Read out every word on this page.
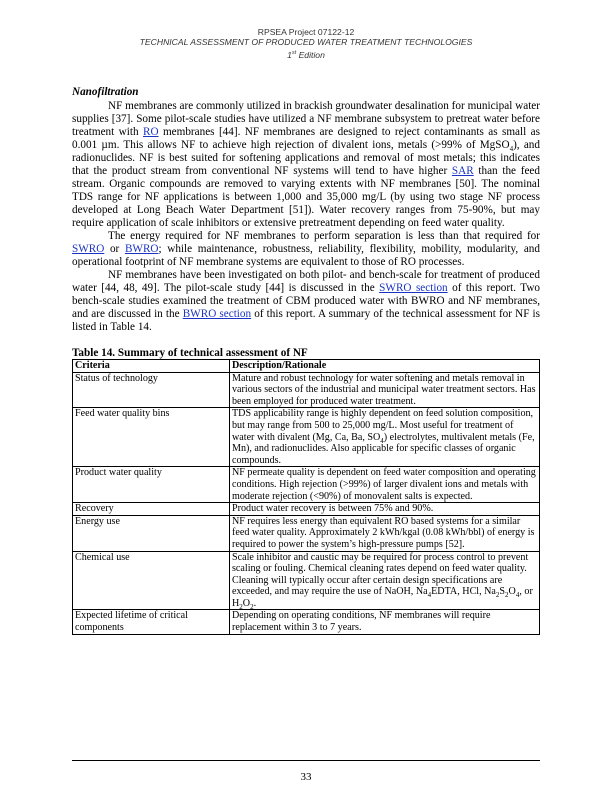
RPSEA Project 07122-12
TECHNICAL ASSESSMENT OF PRODUCED WATER TREATMENT TECHNOLOGIES
1st Edition
Nanofiltration

NF membranes are commonly utilized in brackish groundwater desalination for municipal water supplies [37]. Some pilot-scale studies have utilized a NF membrane subsystem to pretreat water before treatment with RO membranes [44]. NF membranes are designed to reject contaminants as small as 0.001 µm. This allows NF to achieve high rejection of divalent ions, metals (>99% of MgSO$_4$), and radionuclides. NF is best suited for softening applications and removal of most metals; this indicates that the product stream from conventional NF systems will tend to have higher SAR than the feed stream. Organic compounds are removed to varying extents with NF membranes [50]. The nominal TDS range for NF applications is between 1,000 and 35,000 mg/L (by using two stage NF process developed at Long Beach Water Department [51]). Water recovery ranges from 75-90%, but may require application of scale inhibitors or extensive pretreatment depending on feed water quality.

The energy required for NF membranes to perform separation is less than that required for SWRO or BWRO; while maintenance, robustness, reliability, flexibility, mobility, modularity, and operational footprint of NF membrane systems are equivalent to those of RO processes.

NF membranes have been investigated on both pilot- and bench-scale for treatment of produced water [44, 48, 49]. The pilot-scale study [44] is discussed in the SWRO section of this report. Two bench-scale studies examined the treatment of CBM produced water with BWRO and NF membranes, and are discussed in the BWRO section of this report. A summary of the technical assessment for NF is listed in Table 14.

Table 14. Summary of technical assessment of NF
Criteria	Description/Rationale
Status of technology	Mature and robust technology for water softening and metals removal in various sectors of the industrial and municipal water treatment sectors. Has been employed for produced water treatment.
Feed water quality bins	TDS applicability range is highly dependent on feed solution composition, but may range from 500 to 25,000 mg/L. Most useful for treatment of water with divalent (Mg, Ca, Ba, $SO_4$) electrolytes, multivalent metals (Fe, Mn), and radionuclides. Also applicable for specific classes of organic compounds.
Product water quality	NF permeate quality is dependent on feed water composition and operating conditions. High rejection (>99%) of larger divalent ions and metals with moderate rejection (<90%) of monovalent salts is expected.
Recovery	Product water recovery is between 75% and 90%.
Energy use	NF requires less energy than equivalent RO based systems for a similar feed water quality. Approximately 2 kWh/kgal (0.08 kWh/bbl) of energy is required to power the system’s high-pressure pumps [52].
Chemical use	Scale inhibitor and caustic may be required for process control to prevent scaling or fouling. Chemical cleaning rates depend on feed water quality. Cleaning will typically occur after certain design specifications are exceeded, and may require the use of NaOH, $Na_4EDTA$, HCl, $Na_2S_2O_4$, or $H_2O_2$.
Expected lifetime of critical components	Depending on operating conditions, NF membranes will require replacement within 3 to 7 years.
33
